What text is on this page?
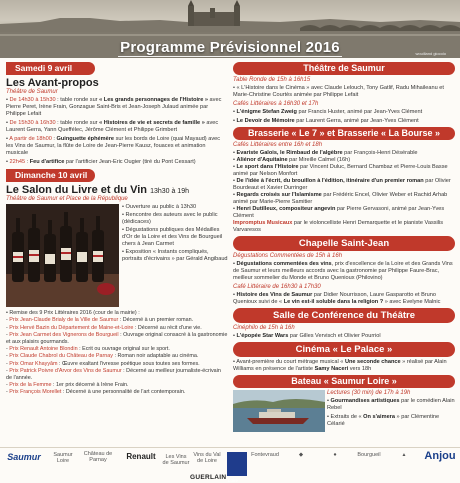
Programme Prévisionnel 2016	wouilland giocolo
Samedi 9 avril
Les Avant-propos
Théâtre de Saumur
• De 14h30 à 15h30 : table ronde sur « Les grands personnages de l'Histoire » avec Pierre Peret, Irène Frain, Gonzague Saint-Bris et Jean-Joseph Julaud animée par Philippe Lefait
• De 15h30 à 16h30 : table ronde sur « Histoires de vie et secrets de famille » avec Laurent Gerra, Yann Queffélec, Jérôme Clément et Philippe Grimbert
• A partir de 18h00 : Guinguette éphémère sur les bords de Loire (quai Mayaud) avec les Vins de Saumur, la flûte de Loire de Jean-Pierre Kausz, fouaces et animation musicale
• 22h45 : Feu d'artifice par l'artificier Jean-Eric Ougier (tiré du Pont Cessart)
Dimanche 10 avril
Le Salon du Livre et du Vin 13h30 à 19h
Théâtre de Saumur et Place de la République
• Ouverture au public à 13h30
• Rencontre des auteurs avec le public (dédicaces)
• Dégustations publiques des Médailles d'Or de la Loire et des Vins de Bourgueil chers à Jean Carmet
• Exposition « Instants compliqués, portraits d'écrivains » par Gérald Angibaud
• Remise des 9 Prix Littéraires 2016 (cour de la mairie) :
- Prix Jean-Claude Brialy de la Ville de Saumur : Décerné à un premier roman.
- Prix Hervé Bazin du Département de Maine-et-Loire : Décerné au récit d'une vie.
- Prix Jean Carmet des Vignerons de Bourgueil : Ouvrage original consacré à la gastronomie et aux plaisirs gourmands.
- Prix Renault Antoine Blondin : Ecrit ou ouvrage original sur le sport.
- Prix Claude Chabrol du Château de Parnay : Roman noir adaptable au cinéma.
- Prix Omar Khayyâm : Œuvre exaltant l'ivresse poétique sous toutes ses formes.
- Prix Patrick Poivre d'Arvor des Vins de Saumur : Décerné au meilleur journaliste-écrivain de l'année.
- Prix de la Femme : 1er prix décerné à Irène Frain.
- Prix François Morellet : Décerné à une personnalité de l'art contemporain.
Théâtre de Saumur
Table Ronde de 15h à 16h15
• « L'Histoire dans le Cinéma » avec Claude Lelouch, Tony Gatlif, Radu Mihaileanu et Marie-Christine Courtès animée par Philippe Lefait
Cafés Littéraires à 16h30 et 17h
• L'énigme Stefan Zweig par Francis Huster, animé par Jean-Yves Clément
• Le Devoir de Mémoire par Laurent Gerra, animé par Jean-Yves Clément
Brasserie « Le 7 » et Brasserie « La Bourse »
Cafés Littéraires entre 16h et 18h
• Evariste Galois, le Rimbaud de l'algèbre par François-Henri Désérable
• Aliénor d'Aquitaine par Mireille Calmel (16h)
• Le sport dans l'Histoire par Vincent Duluc, Bernard Chambaz et Pierre-Louis Basse animé par Nelson Monfort
• De l'idée à l'écrit, du brouillon à l'édition, itinéraire d'un premier roman par Olivier Bourdeaut et Xavier Durringer
• Regards croisés sur l'Islamisme par Frédéric Encel, Olivier Weber et Rachid Arhab animé par Marie-Pierre Samitier
• Henri Dutilleux, compositeur angevin par Pierre Gervasoni, animé par Jean-Yves Clément
Impromptus Musicaux par le violoncelliste Henri Demarquette et le pianiste Vassilis Varvaresos
Chapelle Saint-Jean
Dégustations Commentées de 15h à 16h
• Dégustations commentées des vins, prix d'excellence de la Loire et des Grands Vins de Saumur et leurs meilleurs accords avec la gastronomie par Philippe Faure-Brac, meilleur sommelier du Monde et Bruno Quenioux (Philovino)
Café Littéraire de 16h30 à 17h30
• Histoire des Vins de Saumur par Didier Nourrisson, Laure Gasparotto et Bruno Quenioux suivi de « Le vin est-il soluble dans la religion ? » avec Evelyne Malnic
Salle de Conférence du Théâtre
Cinéphilo de 15h à 16h
• L'épopée Star Wars par Gilles Vervisch et Olivier Pourriol
Cinéma « Le Palace »
• Avant-première du court métrage musical « Une seconde chance » réalisé par Alain Williams en présence de l'artiste Samy Naceri vers 18h
Bateau « Saumur Loire »
Lectures (30 min) de 17h à 19h
• Gourmandises artistiques par le comédien Alain Rebel
• Extraits de « On s'aimera » par Clémentine Célarié
Saumur	Saumur Loire
Château de Parnay	Renault	Les Vins de Saumur
Vins du Val de Loire
Fontevraud	◆	●	Bourgueil	▲	Anjou
GUERLAIN Loire
